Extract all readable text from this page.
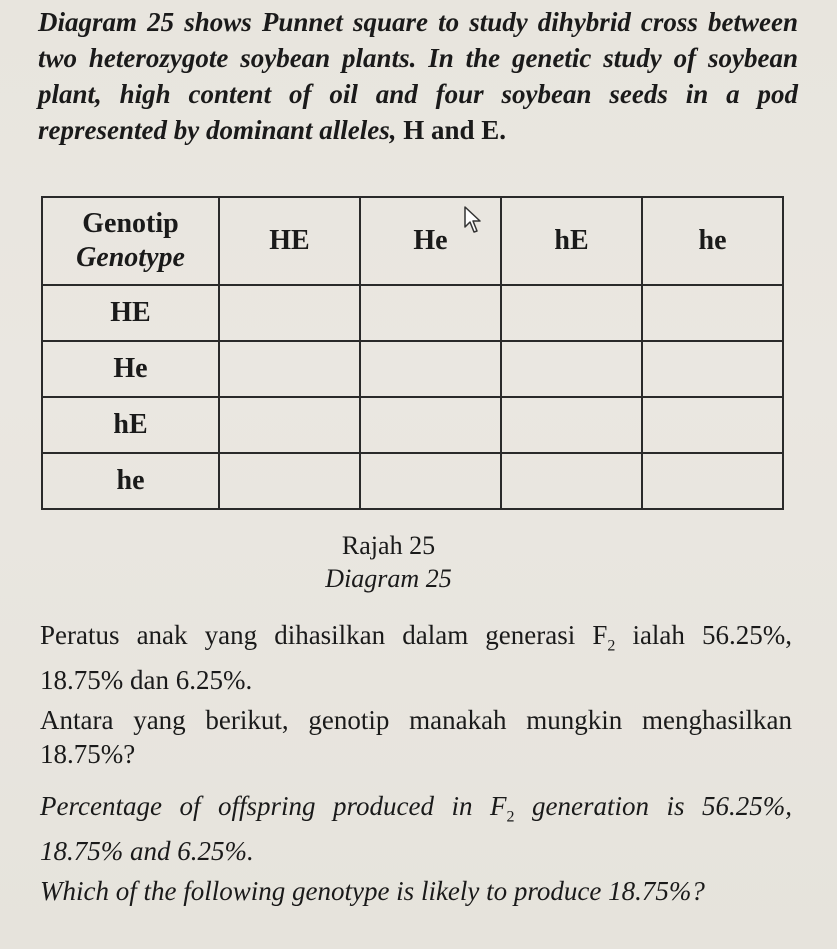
Diagram 25 shows Punnet square to study dihybrid cross between two heterozygote soybean plants. In the genetic study of soybean plant, high content of oil and four soybean seeds in a pod represented by dominant alleles, H and E.
Genotip
Genotype	HE	He	hE	he
HE				
He				
hE				
he				
Rajah 25
Diagram 25
Peratus anak yang dihasilkan dalam generasi $F_2$ ialah 56.25%, 18.75% dan 6.25%.
Antara yang berikut, genotip manakah mungkin menghasilkan 18.75%?
Percentage of offspring produced in $F_2$ generation is 56.25%, 18.75% and 6.25%.
Which of the following genotype is likely to produce 18.75%?
